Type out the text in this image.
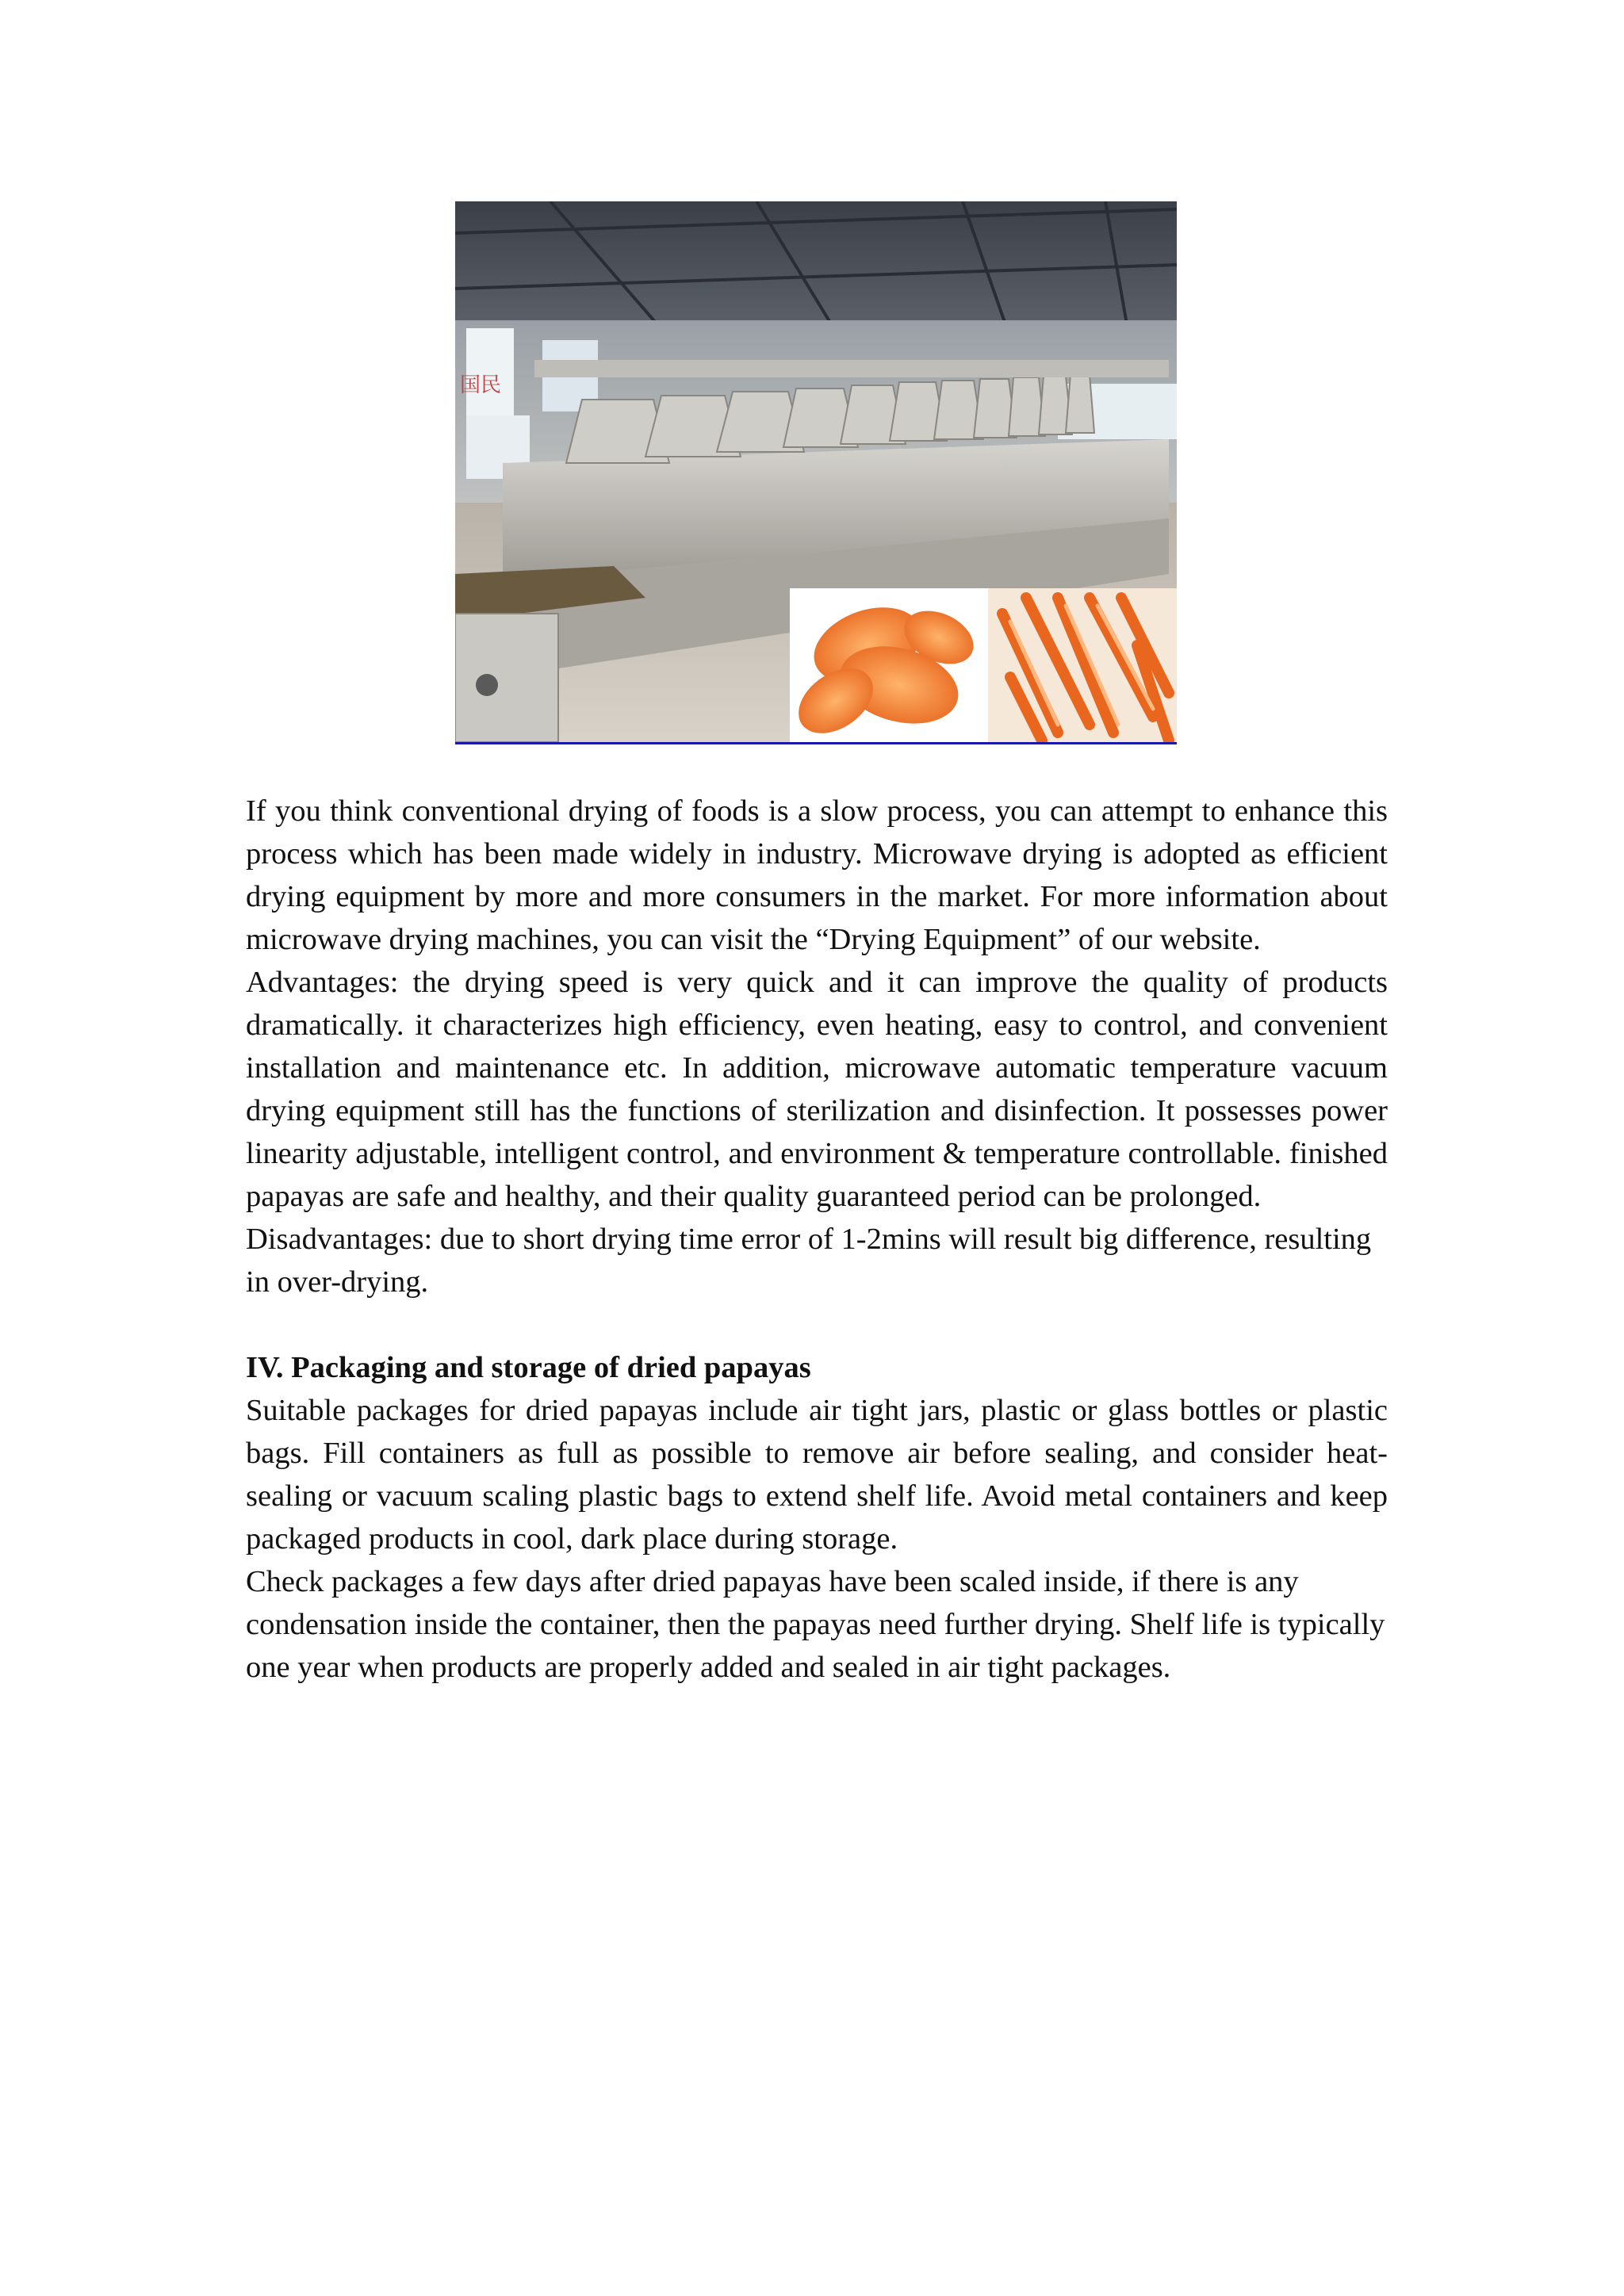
国民

If you think conventional drying of foods is a slow process, you can attempt to enhance this process which has been made widely in industry. Microwave drying is adopted as efficient drying equipment by more and more consumers in the market. For more information about microwave drying machines, you can visit the “Drying Equipment” of our website.

Advantages: the drying speed is very quick and it can improve the quality of products dramatically. it characterizes high efficiency, even heating, easy to control, and convenient installation and maintenance etc. In addition, microwave automatic temperature vacuum drying equipment still has the functions of sterilization and disinfection. It possesses power linearity adjustable, intelligent control, and environment & temperature controllable. finished papayas are safe and healthy, and their quality guaranteed period can be prolonged.

Disadvantages: due to short drying time error of 1-2mins will result big difference, resulting in over-drying.

IV. Packaging and storage of dried papayas

Suitable packages for dried papayas include air tight jars, plastic or glass bottles or plastic bags. Fill containers as full as possible to remove air before sealing, and consider heat-sealing or vacuum scaling plastic bags to extend shelf life. Avoid metal containers and keep packaged products in cool, dark place during storage.

Check packages a few days after dried papayas have been scaled inside, if there is any condensation inside the container, then the papayas need further drying. Shelf life is typically one year when products are properly added and sealed in air tight packages.
